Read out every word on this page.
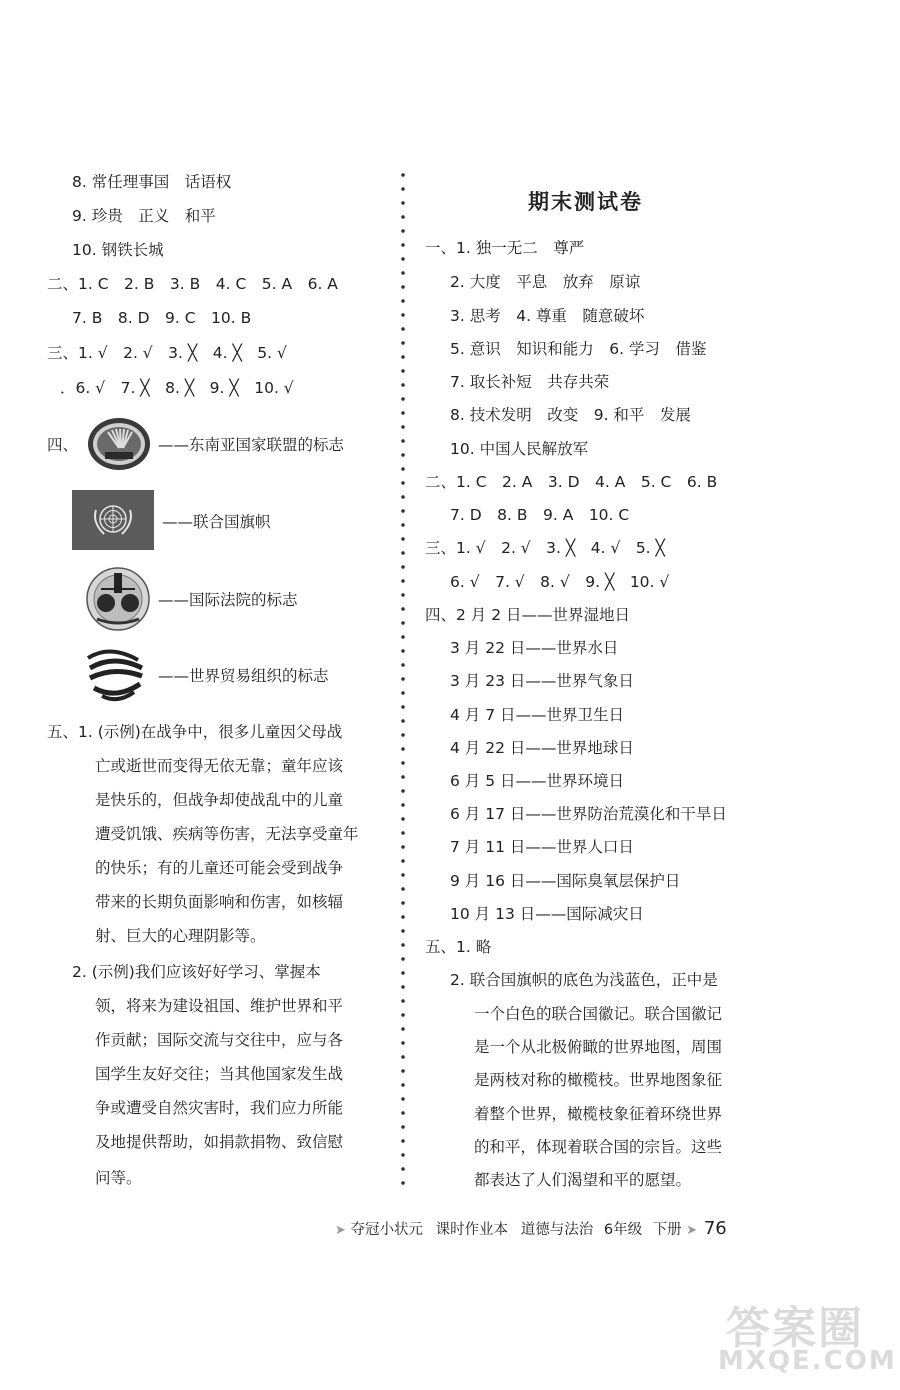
8. 常任理事国　话语权
9. 珍贵　正义　和平
10. 钢铁长城
二、1. C　2. B　3. B　4. C　5. A　6. A
7. B　8. D　9. C　10. B
三、1. √　2. √　3. ╳　4. ╳　5. √
．6. √　7. ╳　8. ╳　9. ╳　10. √
四、	——东南亚国家联盟的标志
——联合国旗帜
——国际法院的标志
——世界贸易组织的标志
五、1. (示例)在战争中，很多儿童因父母战
亡或逝世而变得无依无靠；童年应该
是快乐的，但战争却使战乱中的儿童
遭受饥饿、疾病等伤害，无法享受童年
的快乐；有的儿童还可能会受到战争
带来的长期负面影响和伤害，如核辐
射、巨大的心理阴影等。
2. (示例)我们应该好好学习、掌握本
领，将来为建设祖国、维护世界和平
作贡献；国际交流与交往中，应与各
国学生友好交往；当其他国家发生战
争或遭受自然灾害时，我们应力所能
及地提供帮助，如捐款捐物、致信慰
问等。
期末测试卷
一、1. 独一无二　尊严
2. 大度　平息　放弃　原谅
3. 思考　4. 尊重　随意破坏
5. 意识　知识和能力　6. 学习　借鉴
7. 取长补短　共存共荣
8. 技术发明　改变　9. 和平　发展
10. 中国人民解放军
二、1. C　2. A　3. D　4. A　5. C　6. B
7. D　8. B　9. A　10. C
三、1. √　2. √　3. ╳　4. √　5. ╳
6. √　7. √　8. √　9. ╳　10. √
四、2 月 2 日——世界湿地日
3 月 22 日——世界水日
3 月 23 日——世界气象日
4 月 7 日——世界卫生日
4 月 22 日——世界地球日
6 月 5 日——世界环境日
6 月 17 日——世界防治荒漠化和干旱日
7 月 11 日——世界人口日
9 月 16 日——国际臭氧层保护日
10 月 13 日——国际减灾日
五、1. 略
2. 联合国旗帜的底色为浅蓝色，正中是
一个白色的联合国徽记。联合国徽记
是一个从北极俯瞰的世界地图，周围
是两枝对称的橄榄枝。世界地图象征
着整个世界，橄榄枝象征着环绕世界
的和平，体现着联合国的宗旨。这些
都表达了人们渴望和平的愿望。
➤ 夺冠小状元 课时作业本 道德与法治 6年级 下册 ➤ 76
答案圈
MXQE.COM
